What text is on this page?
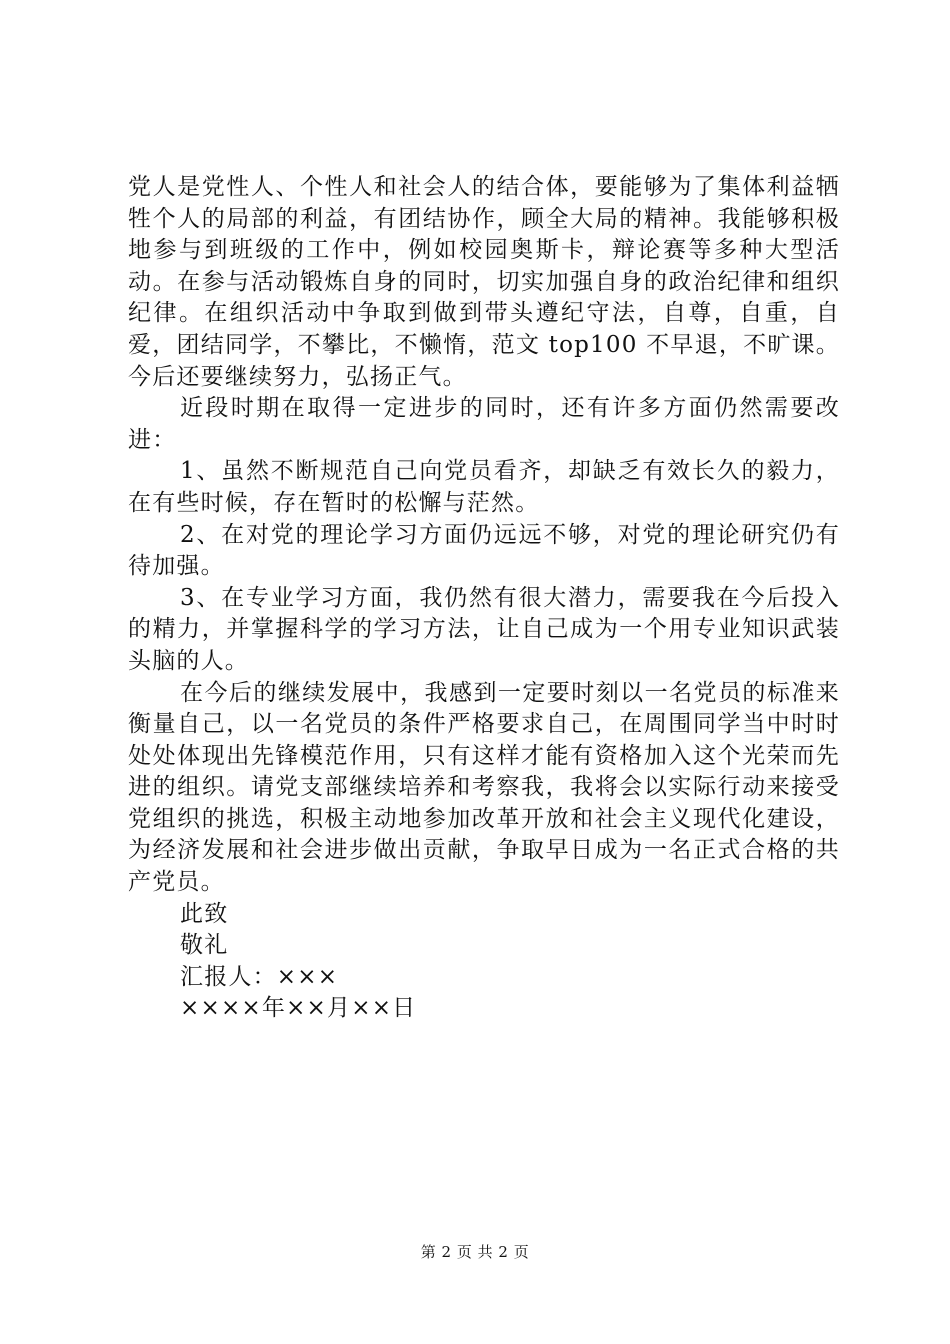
党人是党性人、个性人和社会人的结合体，要能够为了集体利益牺牲个人的局部的利益，有团结协作，顾全大局的精神。我能够积极地参与到班级的工作中，例如校园奥斯卡，辩论赛等多种大型活动。在参与活动锻炼自身的同时，切实加强自身的政治纪律和组织纪律。在组织活动中争取到做到带头遵纪守法，自尊，自重，自爱，团结同学，不攀比，不懒惰，范文 top100 不早退，不旷课。今后还要继续努力，弘扬正气。

近段时期在取得一定进步的同时，还有许多方面仍然需要改进：

1、虽然不断规范自己向党员看齐，却缺乏有效长久的毅力，在有些时候，存在暂时的松懈与茫然。

2、在对党的理论学习方面仍远远不够，对党的理论研究仍有待加强。

3、在专业学习方面，我仍然有很大潜力，需要我在今后投入的精力，并掌握科学的学习方法，让自己成为一个用专业知识武装头脑的人。

在今后的继续发展中，我感到一定要时刻以一名党员的标准来衡量自己，以一名党员的条件严格要求自己，在周围同学当中时时处处体现出先锋模范作用，只有这样才能有资格加入这个光荣而先进的组织。请党支部继续培养和考察我，我将会以实际行动来接受党组织的挑选，积极主动地参加改革开放和社会主义现代化建设，为经济发展和社会进步做出贡献，争取早日成为一名正式合格的共产党员。

此致

敬礼

汇报人：×××

××××年××月××日

第 2 页 共 2 页
